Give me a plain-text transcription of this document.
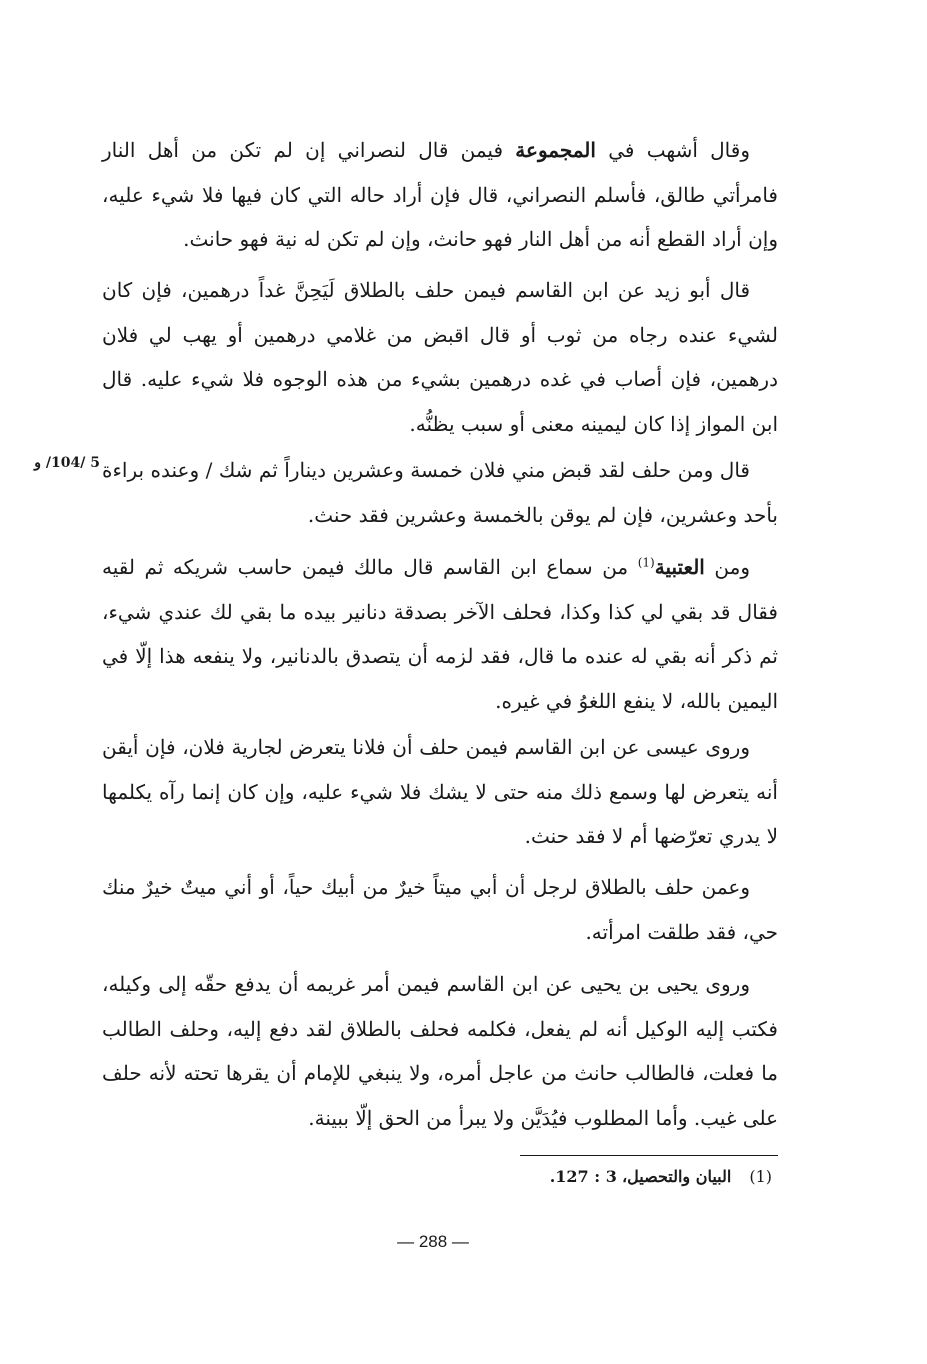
5 /104/ و

وقال أشهب في المجموعة فيمن قال لنصراني إن لم تكن من أهل النار فامرأتي طالق، فأسلم النصراني، قال فإن أراد حاله التي كان فيها فلا شيء عليه، وإن أراد القطع أنه من أهل النار فهو حانث، وإن لم تكن له نية فهو حانث.

قال أبو زيد عن ابن القاسم فيمن حلف بالطلاق لَيَحِنَّ غداً درهمين، فإن كان لشيء عنده رجاه من ثوب أو قال اقبض من غلامي درهمين أو يهب لي فلان درهمين، فإن أصاب في غده درهمين بشيء من هذه الوجوه فلا شيء عليه. قال ابن المواز إذا كان ليمينه معنى أو سبب يظنُّه.

قال ومن حلف لقد قبض مني فلان خمسة وعشرين ديناراً ثم شك / وعنده براءة بأحد وعشرين، فإن لم يوقن بالخمسة وعشرين فقد حنث.

ومن العتبية$^{(1)}$ من سماع ابن القاسم قال مالك فيمن حاسب شريكه ثم لقيه فقال قد بقي لي كذا وكذا، فحلف الآخر بصدقة دنانير بيده ما بقي لك عندي شيء، ثم ذكر أنه بقي له عنده ما قال، فقد لزمه أن يتصدق بالدنانير، ولا ينفعه هذا إلّا في اليمين بالله، لا ينفع اللغوُ في غيره.

وروى عيسى عن ابن القاسم فيمن حلف أن فلانا يتعرض لجارية فلان، فإن أيقن أنه يتعرض لها وسمع ذلك منه حتى لا يشك فلا شيء عليه، وإن كان إنما رآه يكلمها لا يدري تعرّضها أم لا فقد حنث.

وعمن حلف بالطلاق لرجل أن أبي ميتاً خيرٌ من أبيك حياً، أو أني ميتٌ خيرٌ منك حي، فقد طلقت امرأته.

وروى يحيى بن يحيى عن ابن القاسم فيمن أمر غريمه أن يدفع حقّه إلى وكيله، فكتب إليه الوكيل أنه لم يفعل، فكلمه فحلف بالطلاق لقد دفع إليه، وحلف الطالب ما فعلت، فالطالب حانث من عاجل أمره، ولا ينبغي للإمام أن يقرها تحته لأنه حلف على غيب. وأما المطلوب فيُدَيَّن ولا يبرأ من الحق إلّا ببينة.

(1)البيان والتحصيل، 3 : 127.
— 288 —
